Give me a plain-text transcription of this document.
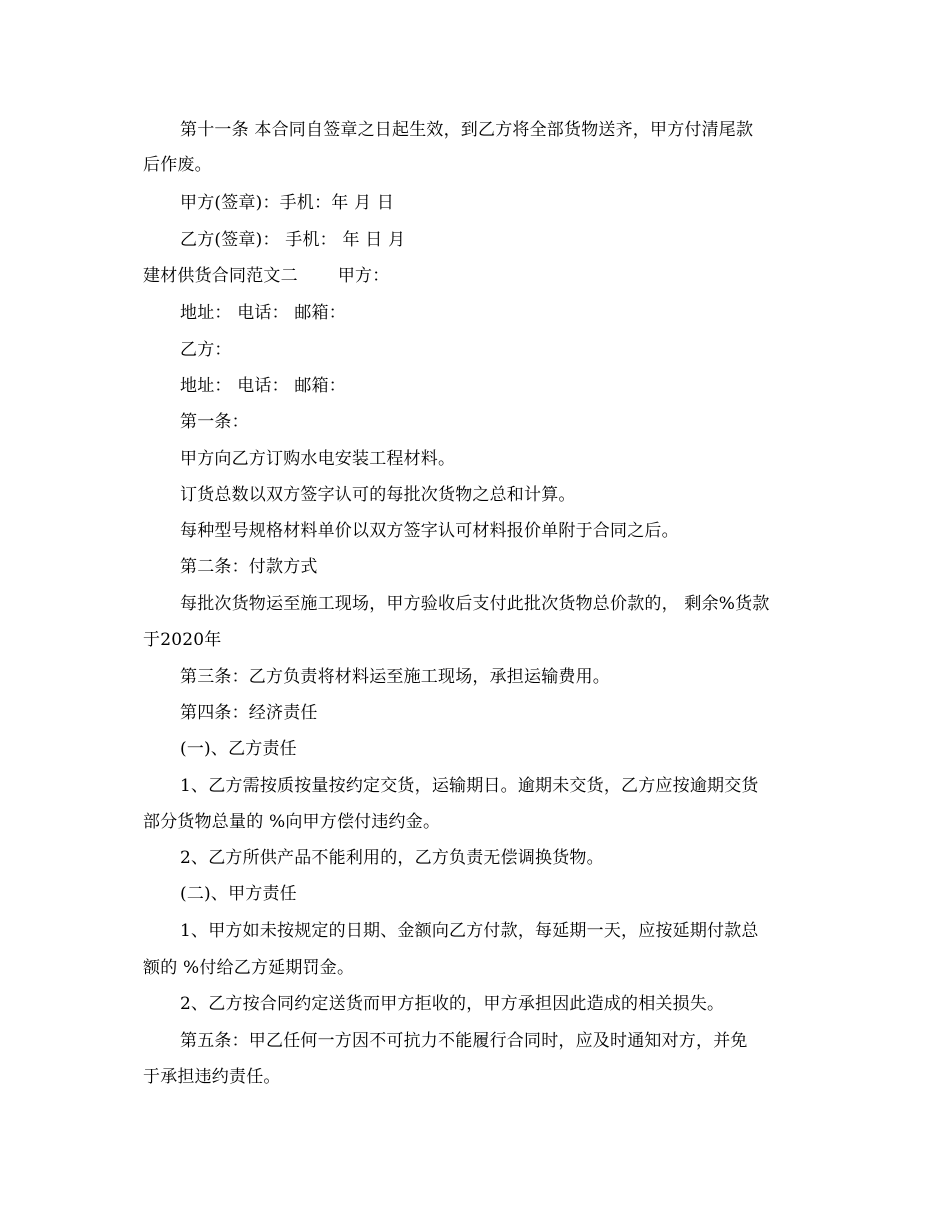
第十一条 本合同自签章之日起生效，到乙方将全部货物送齐，甲方付清尾款
后作废。
甲方(签章)：手机：年 月 日
乙方(签章)： 手机： 年 日 月
建材供货合同范文二 甲方：
地址： 电话： 邮箱：
乙方：
地址： 电话： 邮箱：
第一条：
甲方向乙方订购水电安装工程材料。
订货总数以双方签字认可的每批次货物之总和计算。
每种型号规格材料单价以双方签字认可材料报价单附于合同之后。
第二条：付款方式
每批次货物运至施工现场，甲方验收后支付此批次货物总价款的， 剩余%货款
于2020年
第三条：乙方负责将材料运至施工现场，承担运输费用。
第四条：经济责任
(一)、乙方责任
1、乙方需按质按量按约定交货，运输期日。逾期未交货，乙方应按逾期交货
部分货物总量的 %向甲方偿付违约金。
2、乙方所供产品不能利用的，乙方负责无偿调换货物。
(二)、甲方责任
1、甲方如未按规定的日期、金额向乙方付款，每延期一天，应按延期付款总
额的 %付给乙方延期罚金。
2、乙方按合同约定送货而甲方拒收的，甲方承担因此造成的相关损失。
第五条：甲乙任何一方因不可抗力不能履行合同时，应及时通知对方，并免
于承担违约责任。
